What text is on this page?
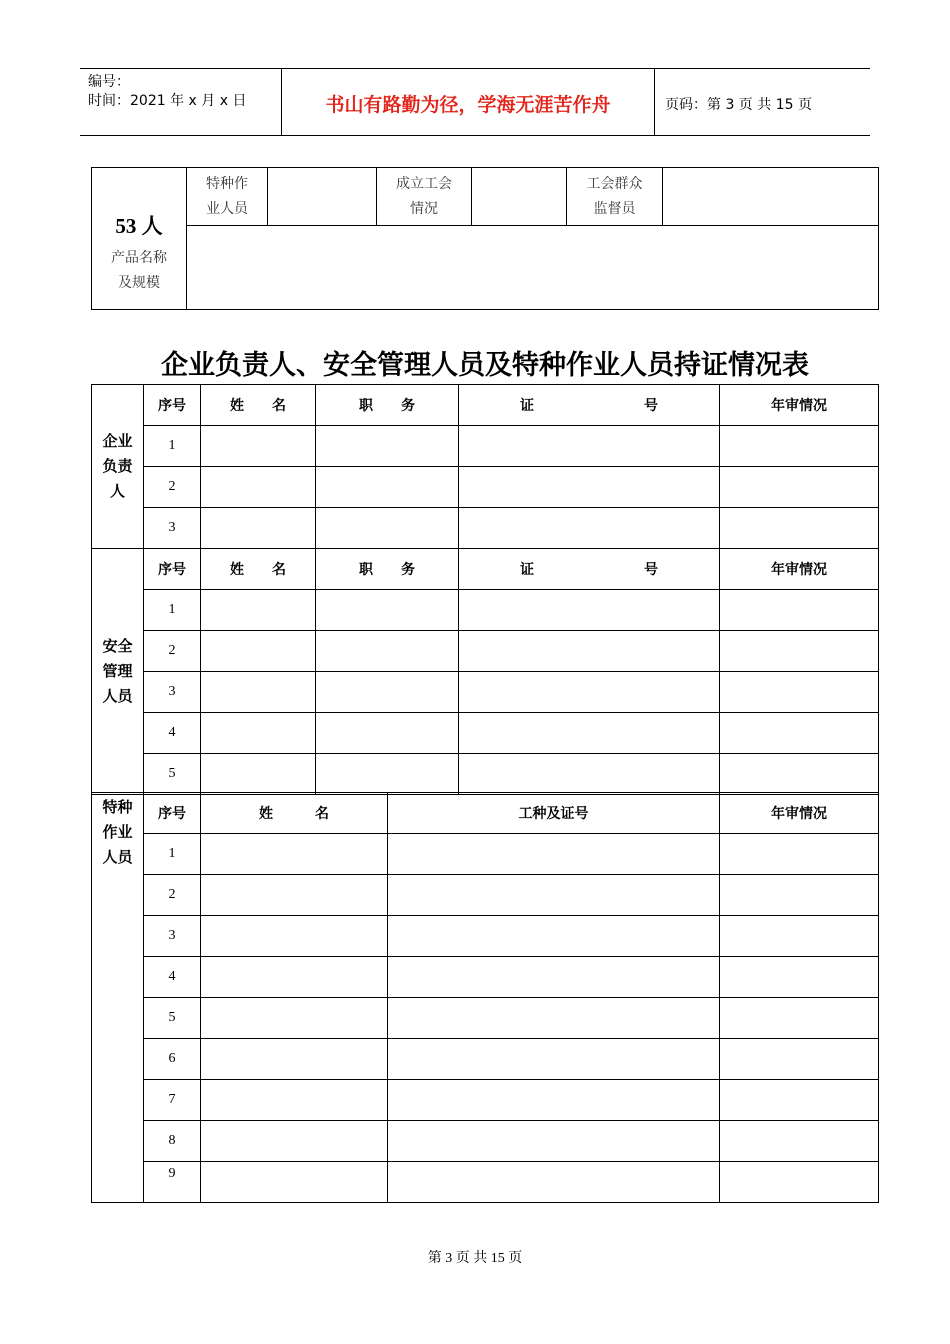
编号：
时间：2021 年 x 月 x 日	书山有路勤为径，学海无涯苦作舟	页码：第 3 页 共 15 页
53 人
产品名称
及规模

特种作
业人员

成立工会
情况

工会群众
监督员

企业负责人、安全管理人员及特种作业人员持证情况表
企业
负责
人	序号	姓　　名	职　　务	证 号	年审情况
	1				
	2				
	3				

安全
管理
人员	序号	姓　　名	职　　务	证 号	年审情况
	1				
	2				
	3				
	4				
	5				
特种
作业
人员	序号	姓　　　名	工种及证号	年审情况
	1			
	2			
	3			
	4			
	5			
	6			
	7			
	8			
	9			
第 3 页 共 15 页
